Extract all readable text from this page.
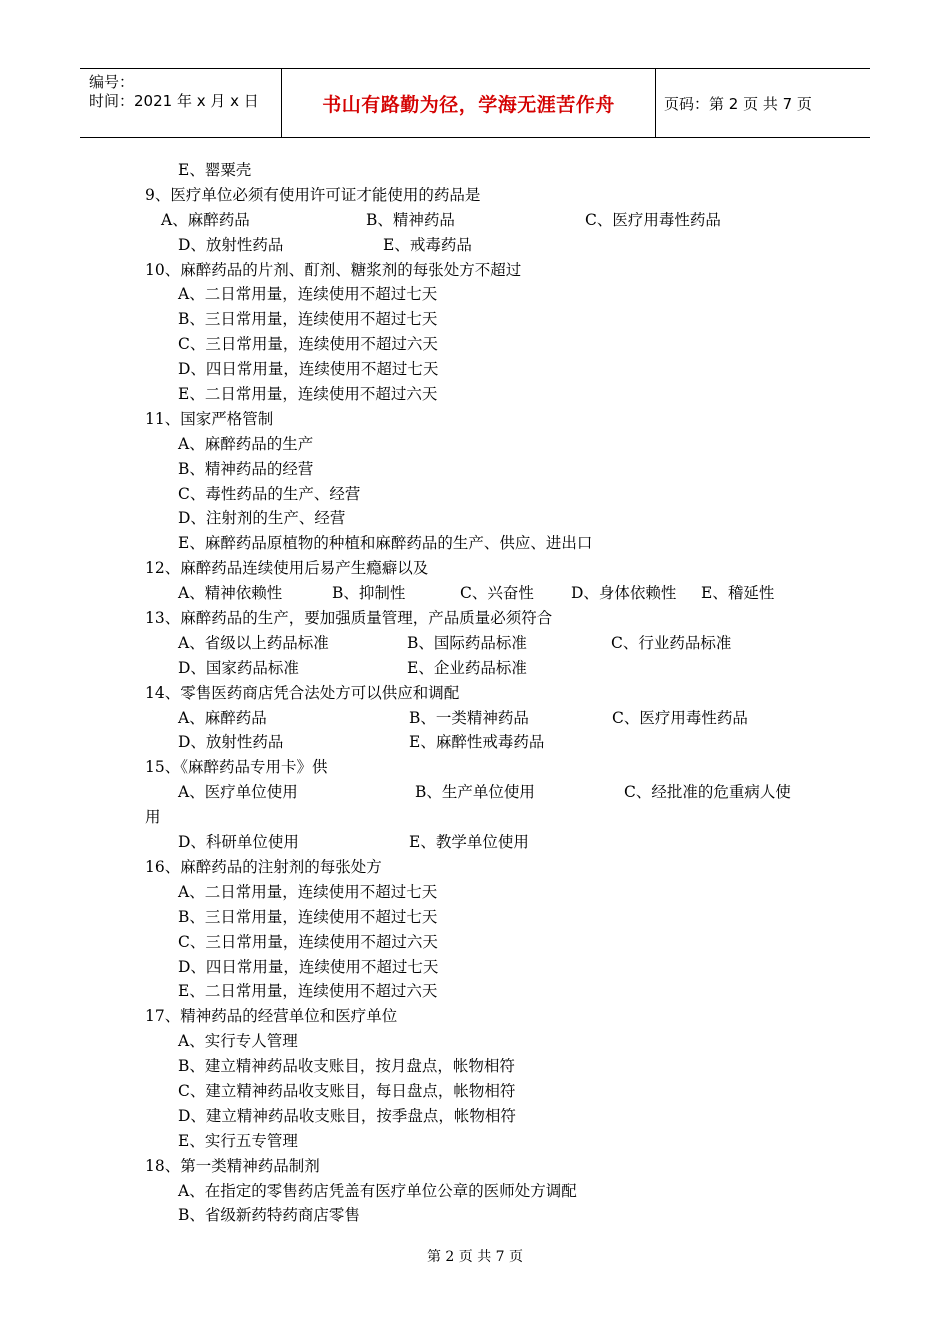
编号：
时间：2021 年 x 月 x 日	书山有路勤为径，学海无涯苦作舟	页码：第 2 页 共 7 页
E、罂粟壳
9、医疗单位必须有使用许可证才能使用的药品是
A、麻醉药品	B、精神药品	C、医疗用毒性药品
D、放射性药品	E、戒毒药品
10、麻醉药品的片剂、酊剂、糖浆剂的每张处方不超过
A、二日常用量，连续使用不超过七天
B、三日常用量，连续使用不超过七天
C、三日常用量，连续使用不超过六天
D、四日常用量，连续使用不超过七天
E、二日常用量，连续使用不超过六天
11、国家严格管制
A、麻醉药品的生产
B、精神药品的经营
C、毒性药品的生产、经营
D、注射剂的生产、经营
E、麻醉药品原植物的种植和麻醉药品的生产、供应、进出口
12、麻醉药品连续使用后易产生瘾癖以及
A、精神依赖性	B、抑制性	C、兴奋性 D、身体依赖性 E、稽延性
13、麻醉药品的生产，要加强质量管理，产品质量必须符合
A、省级以上药品标准	B、国际药品标准	C、行业药品标准
D、国家药品标准	E、企业药品标准
14、零售医药商店凭合法处方可以供应和调配
A、麻醉药品	B、一类精神药品	C、医疗用毒性药品
D、放射性药品	E、麻醉性戒毒药品
15、《麻醉药品专用卡》供
A、医疗单位使用	B、生产单位使用	C、经批准的危重病人使
用
D、科研单位使用	E、教学单位使用
16、麻醉药品的注射剂的每张处方
A、二日常用量，连续使用不超过七天
B、三日常用量，连续使用不超过七天
C、三日常用量，连续使用不超过六天
D、四日常用量，连续使用不超过七天
E、二日常用量，连续使用不超过六天
17、精神药品的经营单位和医疗单位
A、实行专人管理
B、建立精神药品收支账目，按月盘点，帐物相符
C、建立精神药品收支账目，每日盘点，帐物相符
D、建立精神药品收支账目，按季盘点，帐物相符
E、实行五专管理
18、第一类精神药品制剂
A、在指定的零售药店凭盖有医疗单位公章的医师处方调配
B、省级新药特药商店零售
第 2 页 共 7 页
